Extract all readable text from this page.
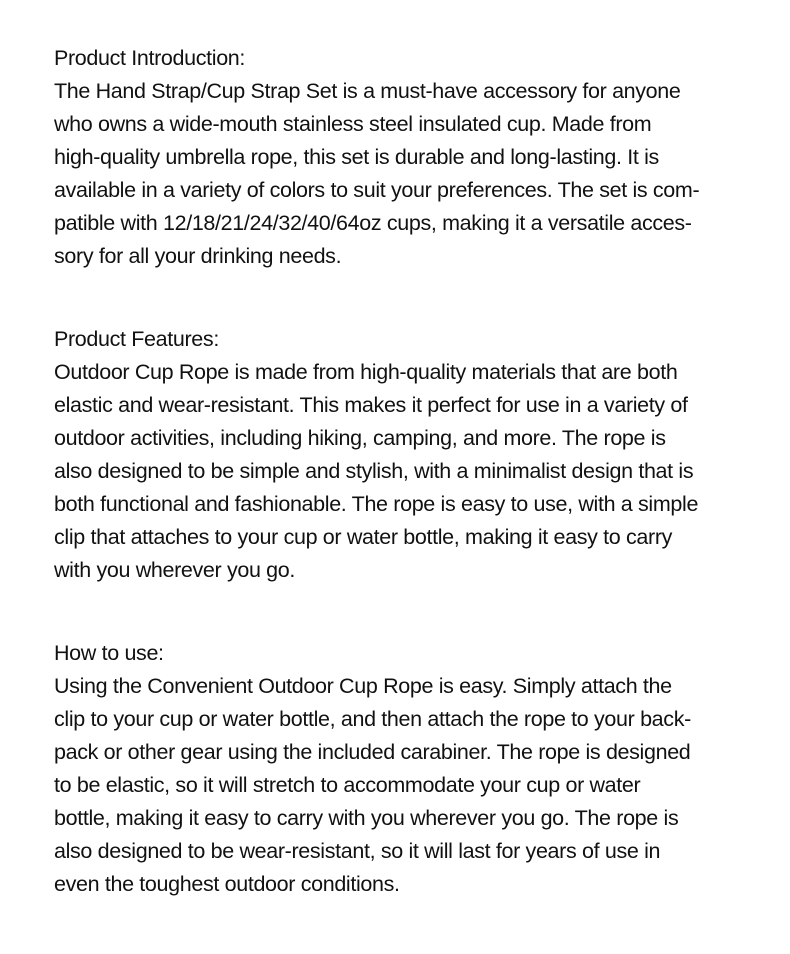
Product Introduction:

The Hand Strap/Cup Strap Set is a must-have accessory for anyone
who owns a wide-mouth stainless steel insulated cup. Made from
high-quality umbrella rope, this set is durable and long-lasting. It is
available in a variety of colors to suit your preferences. The set is com-
patible with 12/18/21/24/32/40/64oz cups, making it a versatile acces-
sory for all your drinking needs.

Product Features:

Outdoor Cup Rope is made from high-quality materials that are both
elastic and wear-resistant. This makes it perfect for use in a variety of
outdoor activities, including hiking, camping, and more. The rope is
also designed to be simple and stylish, with a minimalist design that is
both functional and fashionable. The rope is easy to use, with a simple
clip that attaches to your cup or water bottle, making it easy to carry
with you wherever you go.

How to use:

Using the Convenient Outdoor Cup Rope is easy. Simply attach the
clip to your cup or water bottle, and then attach the rope to your back-
pack or other gear using the included carabiner. The rope is designed
to be elastic, so it will stretch to accommodate your cup or water
bottle, making it easy to carry with you wherever you go. The rope is
also designed to be wear-resistant, so it will last for years of use in
even the toughest outdoor conditions.
